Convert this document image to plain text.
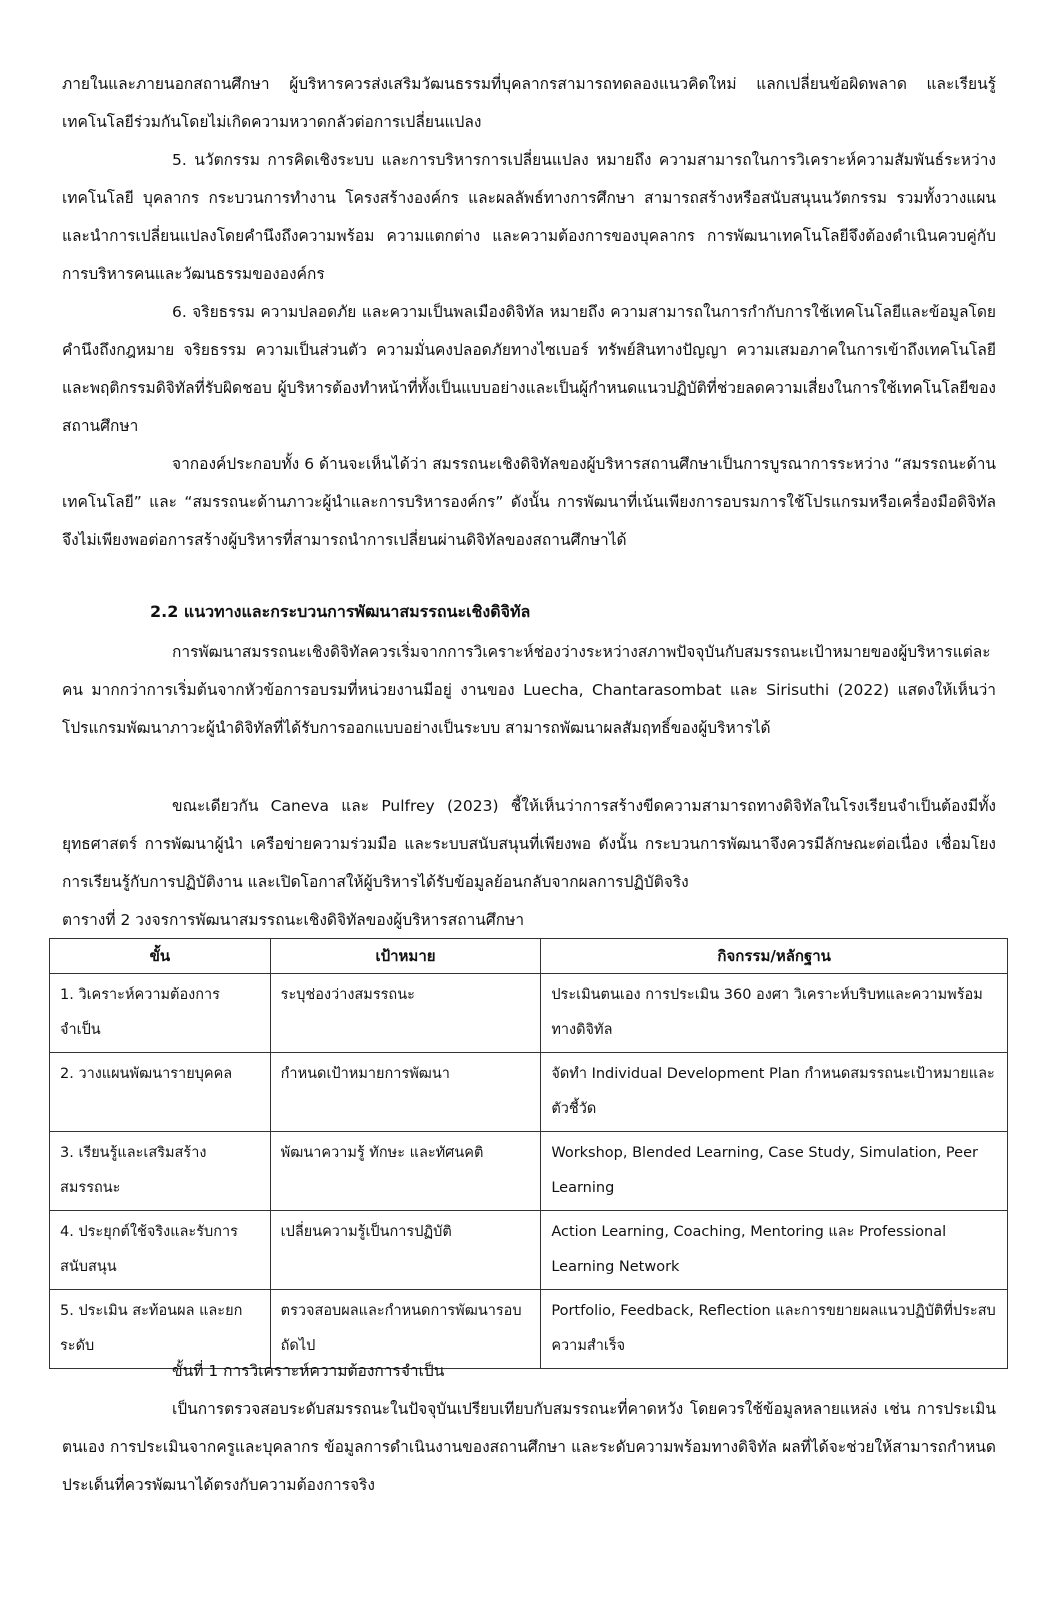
ภายในและภายนอกสถานศึกษา ผู้บริหารควรส่งเสริมวัฒนธรรมที่บุคลากรสามารถทดลองแนวคิดใหม่ แลกเปลี่ยนข้อผิดพลาด และเรียนรู้เทคโนโลยีร่วมกันโดยไม่เกิดความหวาดกลัวต่อการเปลี่ยนแปลง

5. นวัตกรรม การคิดเชิงระบบ และการบริหารการเปลี่ยนแปลง หมายถึง ความสามารถในการวิเคราะห์ความสัมพันธ์ระหว่างเทคโนโลยี บุคลากร กระบวนการทำงาน โครงสร้างองค์กร และผลลัพธ์ทางการศึกษา สามารถสร้างหรือสนับสนุนนวัตกรรม รวมทั้งวางแผนและนำการเปลี่ยนแปลงโดยคำนึงถึงความพร้อม ความแตกต่าง และความต้องการของบุคลากร การพัฒนาเทคโนโลยีจึงต้องดำเนินควบคู่กับการบริหารคนและวัฒนธรรมขององค์กร

6. จริยธรรม ความปลอดภัย และความเป็นพลเมืองดิจิทัล หมายถึง ความสามารถในการกำกับการใช้เทคโนโลยีและข้อมูลโดยคำนึงถึงกฎหมาย จริยธรรม ความเป็นส่วนตัว ความมั่นคงปลอดภัยทางไซเบอร์ ทรัพย์สินทางปัญญา ความเสมอภาคในการเข้าถึงเทคโนโลยี และพฤติกรรมดิจิทัลที่รับผิดชอบ ผู้บริหารต้องทำหน้าที่ทั้งเป็นแบบอย่างและเป็นผู้กำหนดแนวปฏิบัติที่ช่วยลดความเสี่ยงในการใช้เทคโนโลยีของสถานศึกษา

จากองค์ประกอบทั้ง 6 ด้านจะเห็นได้ว่า สมรรถนะเชิงดิจิทัลของผู้บริหารสถานศึกษาเป็นการบูรณาการระหว่าง “สมรรถนะด้านเทคโนโลยี” และ “สมรรถนะด้านภาวะผู้นำและการบริหารองค์กร” ดังนั้น การพัฒนาที่เน้นเพียงการอบรมการใช้โปรแกรมหรือเครื่องมือดิจิทัลจึงไม่เพียงพอต่อการสร้างผู้บริหารที่สามารถนำการเปลี่ยนผ่านดิจิทัลของสถานศึกษาได้

2.2 แนวทางและกระบวนการพัฒนาสมรรถนะเชิงดิจิทัล

การพัฒนาสมรรถนะเชิงดิจิทัลควรเริ่มจากการวิเคราะห์ช่องว่างระหว่างสภาพปัจจุบันกับสมรรถนะเป้าหมายของผู้บริหารแต่ละคน มากกว่าการเริ่มต้นจากหัวข้อการอบรมที่หน่วยงานมีอยู่ งานของ Luecha, Chantarasombat และ Sirisuthi (2022) แสดงให้เห็นว่าโปรแกรมพัฒนาภาวะผู้นำดิจิทัลที่ได้รับการออกแบบอย่างเป็นระบบ สามารถพัฒนาผลสัมฤทธิ์ของผู้บริหารได้

ขณะเดียวกัน Caneva และ Pulfrey (2023) ชี้ให้เห็นว่าการสร้างขีดความสามารถทางดิจิทัลในโรงเรียนจำเป็นต้องมีทั้งยุทธศาสตร์ การพัฒนาผู้นำ เครือข่ายความร่วมมือ และระบบสนับสนุนที่เพียงพอ ดังนั้น กระบวนการพัฒนาจึงควรมีลักษณะต่อเนื่อง เชื่อมโยงการเรียนรู้กับการปฏิบัติงาน และเปิดโอกาสให้ผู้บริหารได้รับข้อมูลย้อนกลับจากผลการปฏิบัติจริง

ตารางที่ 2 วงจรการพัฒนาสมรรถนะเชิงดิจิทัลของผู้บริหารสถานศึกษา

ขั้น	เป้าหมาย	กิจกรรม/หลักฐาน
1. วิเคราะห์ความต้องการจำเป็น	ระบุช่องว่างสมรรถนะ	ประเมินตนเอง การประเมิน 360 องศา วิเคราะห์บริบทและความพร้อมทางดิจิทัล
2. วางแผนพัฒนารายบุคคล	กำหนดเป้าหมายการพัฒนา	จัดทำ Individual Development Plan กำหนดสมรรถนะเป้าหมายและตัวชี้วัด
3. เรียนรู้และเสริมสร้างสมรรถนะ	พัฒนาความรู้ ทักษะ และทัศนคติ	Workshop, Blended Learning, Case Study, Simulation, Peer Learning
4. ประยุกต์ใช้จริงและรับการสนับสนุน	เปลี่ยนความรู้เป็นการปฏิบัติ	Action Learning, Coaching, Mentoring และ Professional Learning Network
5. ประเมิน สะท้อนผล และยกระดับ	ตรวจสอบผลและกำหนดการพัฒนารอบถัดไป	Portfolio, Feedback, Reflection และการขยายผลแนวปฏิบัติที่ประสบความสำเร็จ

ขั้นที่ 1 การวิเคราะห์ความต้องการจำเป็น

เป็นการตรวจสอบระดับสมรรถนะในปัจจุบันเปรียบเทียบกับสมรรถนะที่คาดหวัง โดยควรใช้ข้อมูลหลายแหล่ง เช่น การประเมินตนเอง การประเมินจากครูและบุคลากร ข้อมูลการดำเนินงานของสถานศึกษา และระดับความพร้อมทางดิจิทัล ผลที่ได้จะช่วยให้สามารถกำหนดประเด็นที่ควรพัฒนาได้ตรงกับความต้องการจริง
